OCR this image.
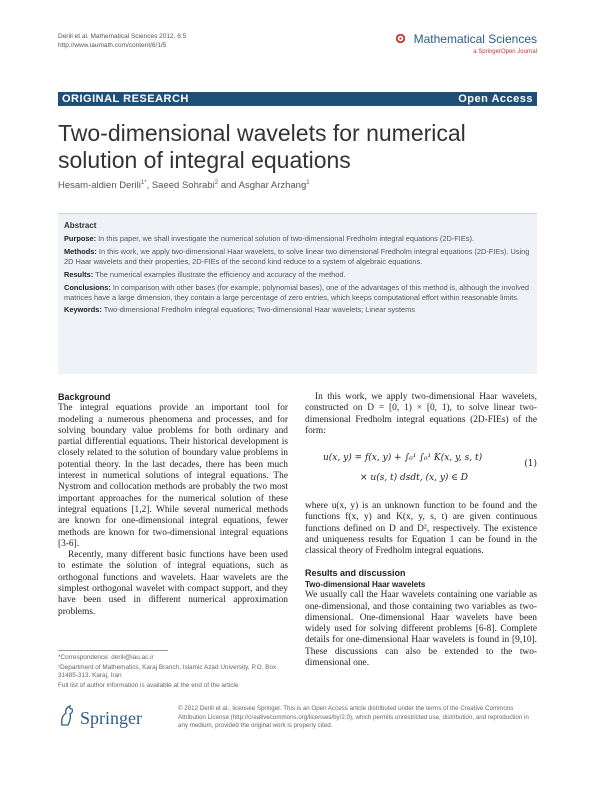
Derili et al. Mathematical Sciences 2012, 6:5
http://www.iaumath.com/content/6/1/5	Mathematical Sciences
a SpringerOpen Journal
ORIGINAL RESEARCH	Open Access
Two-dimensional wavelets for numerical solution of integral equations
Hesam-aldien Derili$^{1*}$, Saeed Sohrabi$^2$ and Asghar Arzhang$^1$
Abstract

Purpose: In this paper, we shall investigate the numerical solution of two-dimensional Fredholm integral equations (2D-FIEs).

Methods: In this work, we apply two-dimensional Haar wavelets, to solve linear two dimensional Fredholm integral equations (2D-FIEs). Using 2D Haar wavelets and their properties, 2D-FIEs of the second kind reduce to a system of algebraic equations.

Results: The numerical examples illustrate the efficiency and accuracy of the method.

Conclusions: In comparison with other bases (for example, polynomial bases), one of the advantages of this method is, although the involved matrices have a large dimension, they contain a large percentage of zero entries, which keeps computational effort within reasonable limits.

Keywords: Two-dimensional Fredholm integral equations; Two-dimensional Haar wavelets; Linear systems

Background

The integral equations provide an important tool for modeling a numerous phenomena and processes, and for solving boundary value problems for both ordinary and partial differential equations. Their historical development is closely related to the solution of boundary value problems in potential theory. In the last decades, there has been much interest in numerical solutions of integral equations. The Nystrom and collocation methods are probably the two most important approaches for the numerical solution of these integral equations [1,2]. While several numerical methods are known for one-dimensional integral equations, fewer methods are known for two-dimensional integral equations [3-6].

Recently, many different basic functions have been used to estimate the solution of integral equations, such as orthogonal functions and wavelets. Haar wavelets are the simplest orthogonal wavelet with compact support, and they have been used in different numerical approximation problems.

In this work, we apply two-dimensional Haar wavelets, constructed on D = [0, 1) × [0, 1), to solve linear two-dimensional Fredholm integral equations (2D-FIEs) of the form:

u(x, y) = f(x, y) + ∫₀¹ ∫₀¹ K(x, y, s, t)
× u(s, t) dsdt, (x, y) ∈ D
(1)

where u(x, y) is an unknown function to be found and the functions f(x, y) and K(x, y, s, t) are given continuous functions defined on D and D², respectively. The existence and uniqueness results for Equation 1 can be found in the classical theory of Fredholm integral equations.

Results and discussion

Two-dimensional Haar wavelets

We usually call the Haar wavelets containing one variable as one-dimensional, and those containing two variables as two-dimensional. One-dimensional Haar wavelets have been widely used for solving different problems [6-8]. Complete details for one-dimensional Haar wavelets is found in [9,10]. These discussions can also be extended to the two-dimensional one.

*Correspondence: derili@iau.ac.ir

¹Department of Mathematics, Karaj Branch, Islamic Azad University, P.O. Box 31485-313, Karaj, Iran

Full list of author information is available at the end of the article

Springer	© 2012 Derili et al.; licensee Springer. This is an Open Access article distributed under the terms of the Creative Commons Attribution License (http://creativecommons.org/licenses/by/2.0), which permits unrestricted use, distribution, and reproduction in any medium, provided the original work is properly cited.
